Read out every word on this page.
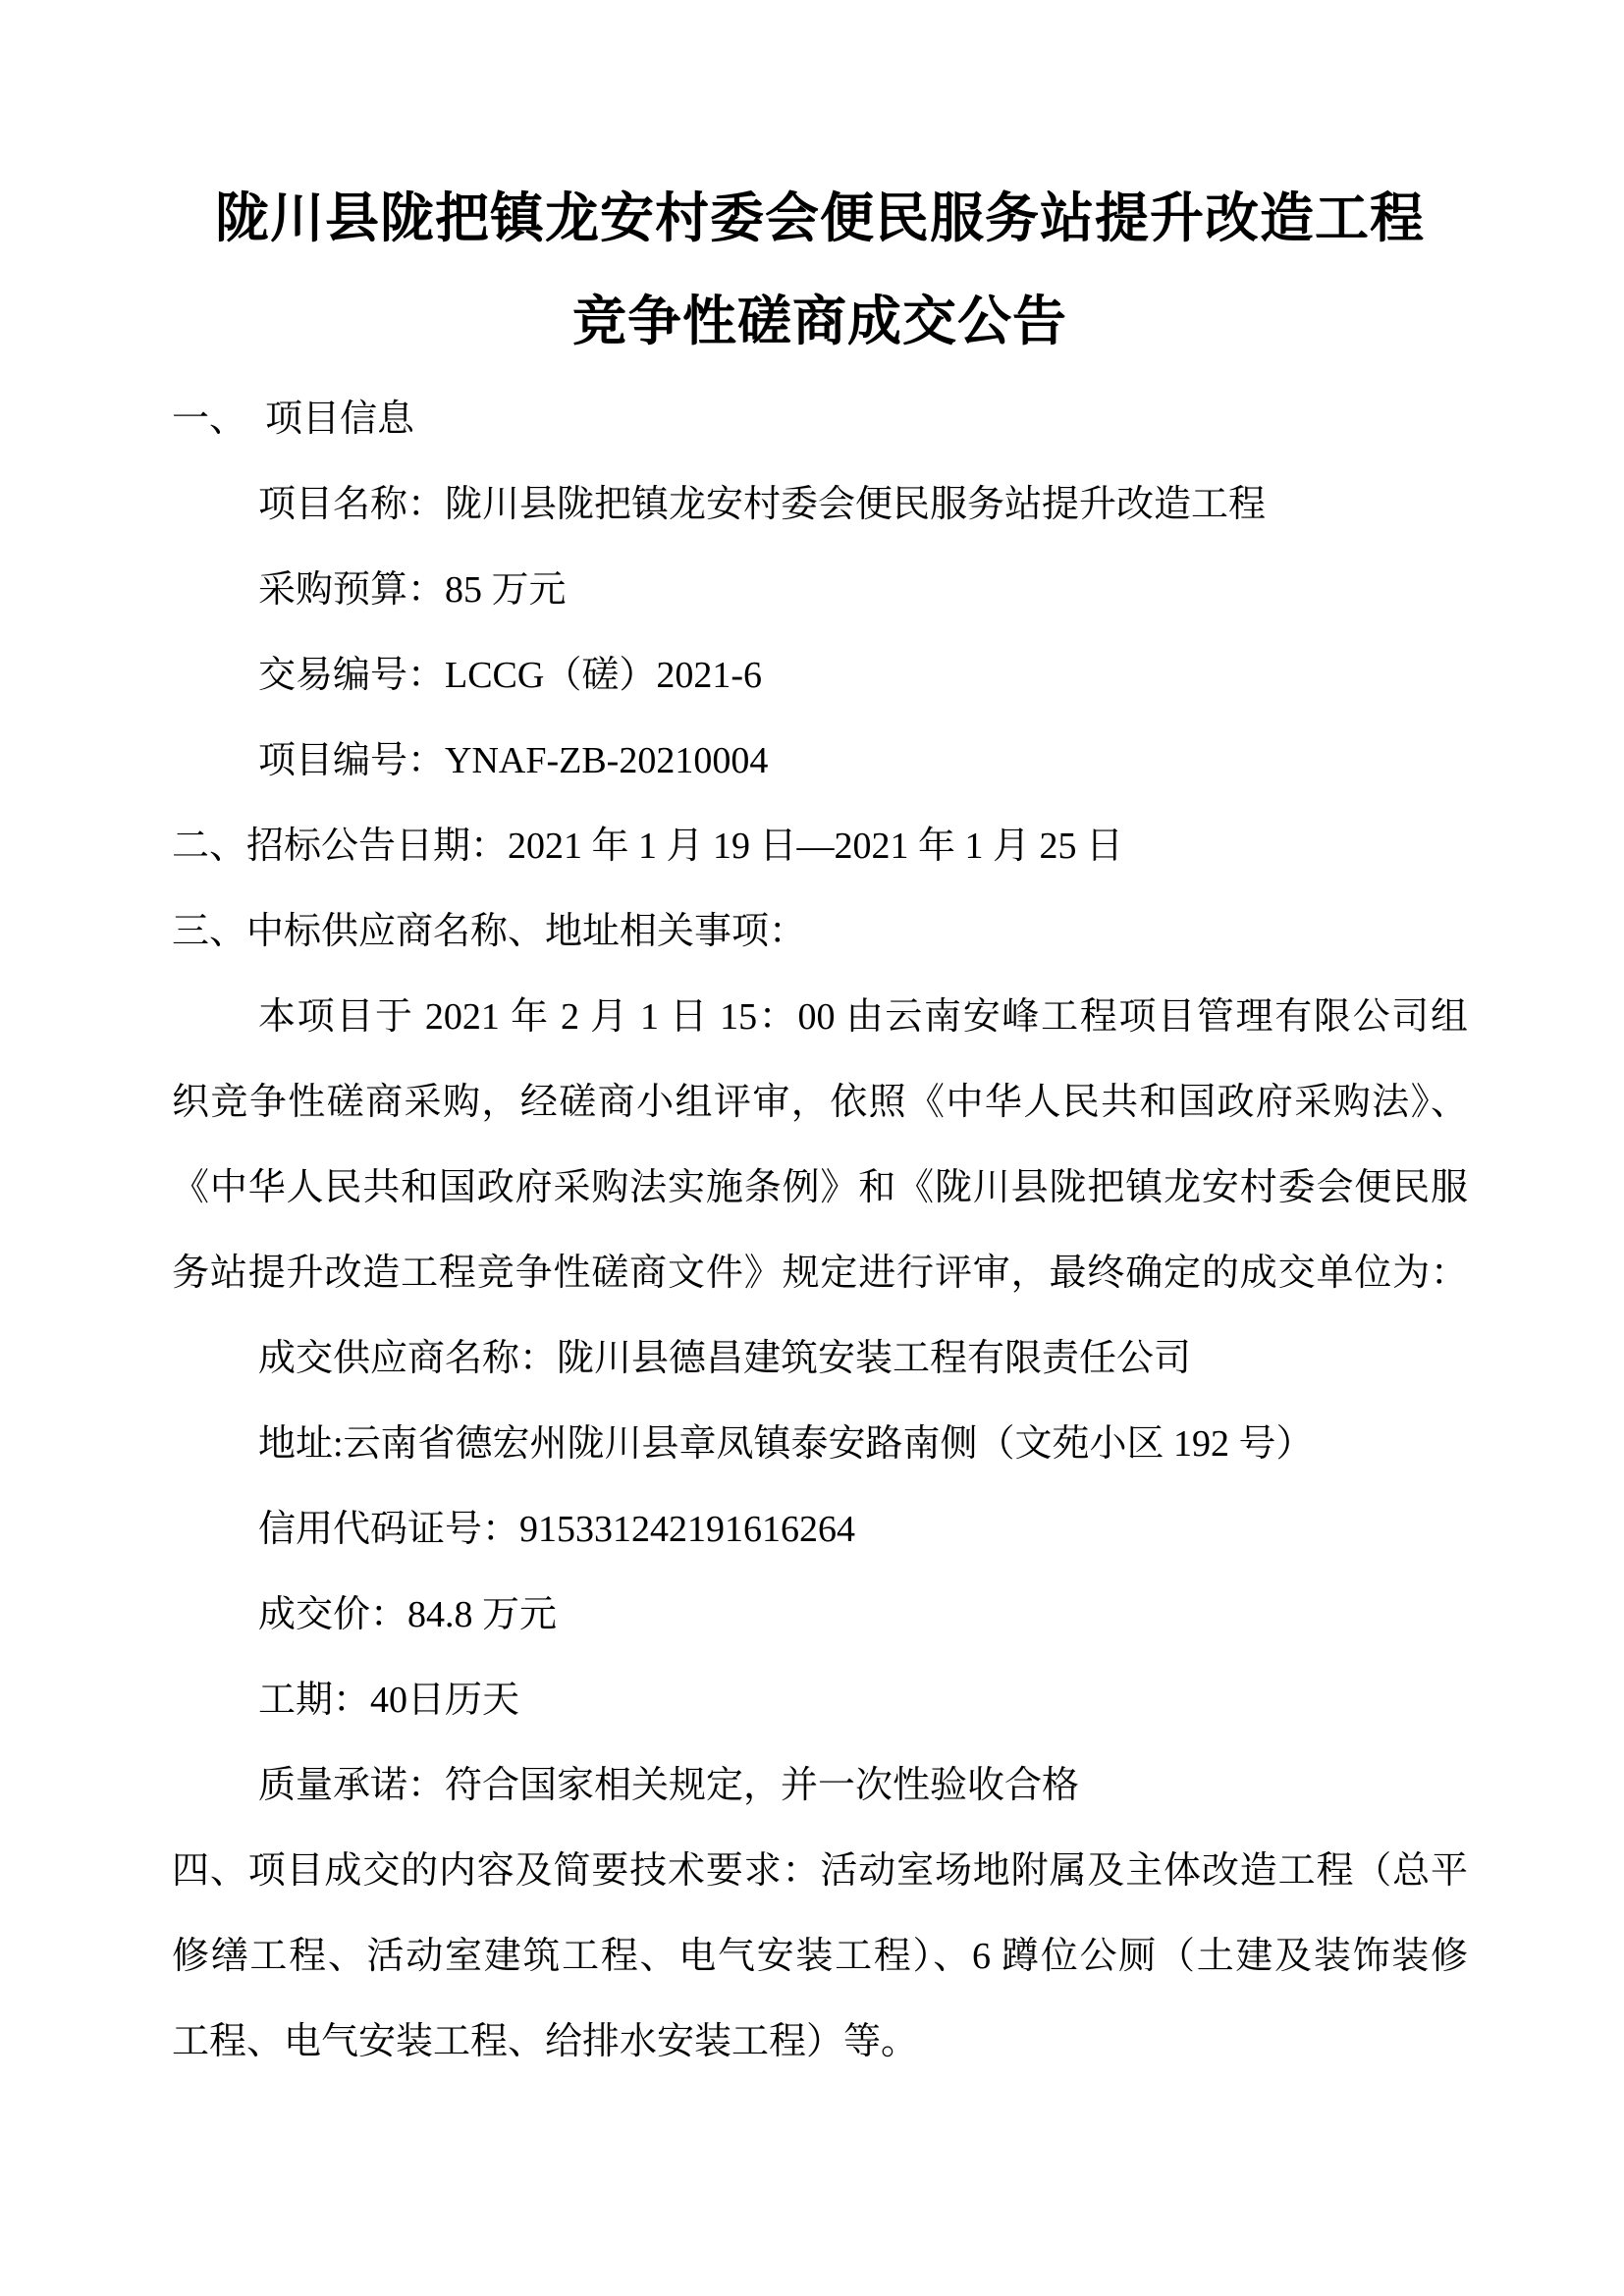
陇川县陇把镇龙安村委会便民服务站提升改造工程
竞争性磋商成交公告
一、　项目信息
项目名称：陇川县陇把镇龙安村委会便民服务站提升改造工程
采购预算：85 万元
交易编号：LCCG（磋）2021-6
项目编号：YNAF-ZB-20210004
二、招标公告日期：2021 年 1 月 19 日—2021 年 1 月 25 日
三、中标供应商名称、地址相关事项：
本项目于 2021 年 2 月 1 日 15：00 由云南安峰工程项目管理有限公司组
织竞争性磋商采购，经磋商小组评审，依照《中华人民共和国政府采购法》、
《中华人民共和国政府采购法实施条例》和《陇川县陇把镇龙安村委会便民服
务站提升改造工程竞争性磋商文件》规定进行评审，最终确定的成交单位为：
成交供应商名称：陇川县德昌建筑安装工程有限责任公司
地址:云南省德宏州陇川县章凤镇泰安路南侧（文苑小区 192 号）
信用代码证号：915331242191616264
成交价：84.8 万元
工期：40日历天
质量承诺：符合国家相关规定，并一次性验收合格
四、项目成交的内容及简要技术要求：活动室场地附属及主体改造工程（总平
修缮工程、活动室建筑工程、电气安装工程）、6 蹲位公厕（土建及装饰装修
工程、电气安装工程、给排水安装工程）等。
